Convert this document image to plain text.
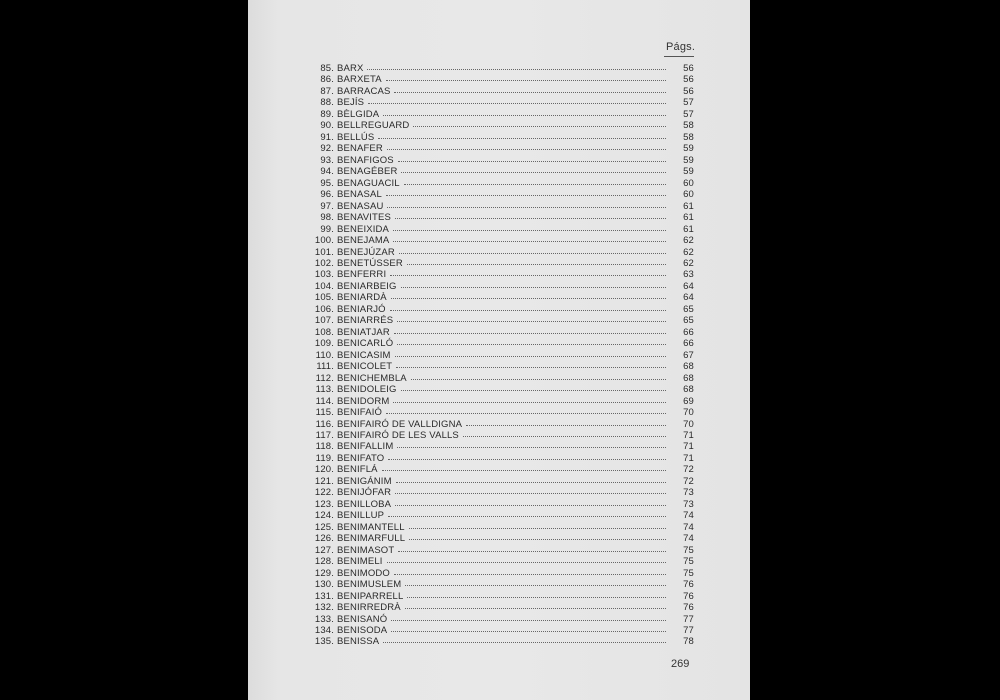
Págs.
85. BARX	56
86. BARXETA	56
87. BARRACAS	56
88. BEJÍS	57
89. BÈLGIDA	57
90. BELLREGUARD	58
91. BELLÚS	58
92. BENAFER	59
93. BENAFIGOS	59
94. BENAGÉBER	59
95. BENAGUACIL	60
96. BENASAL	60
97. BENASAU	61
98. BENAVITES	61
99. BENEIXIDA	61
100. BENEJAMA	62
101. BENEJÚZAR	62
102. BENETÚSSER	62
103. BENFERRI	63
104. BENIARBEIG	64
105. BENIARDÀ	64
106. BENIARJÓ	65
107. BENIARRÉS	65
108. BENIATJAR	66
109. BENICARLÓ	66
110. BENICASIM	67
111. BENICOLET	68
112. BENICHEMBLA	68
113. BENIDOLEIG	68
114. BENIDORM	69
115. BENIFAIÓ	70
116. BENIFAIRÓ DE VALLDIGNA	70
117. BENIFAIRÓ DE LES VALLS	71
118. BENIFALLIM	71
119. BENIFATO	71
120. BENIFLÁ	72
121. BENIGÁNIM	72
122. BENIJÓFAR	73
123. BENILLOBA	73
124. BENILLUP	74
125. BENIMANTELL	74
126. BENIMARFULL	74
127. BENIMASOT	75
128. BENIMELI	75
129. BENIMODO	75
130. BENIMUSLEM	76
131. BENIPARRELL	76
132. BENIRREDRÀ	76
133. BENISANÓ	77
134. BENISODA	77
135. BENISSA	78
269
